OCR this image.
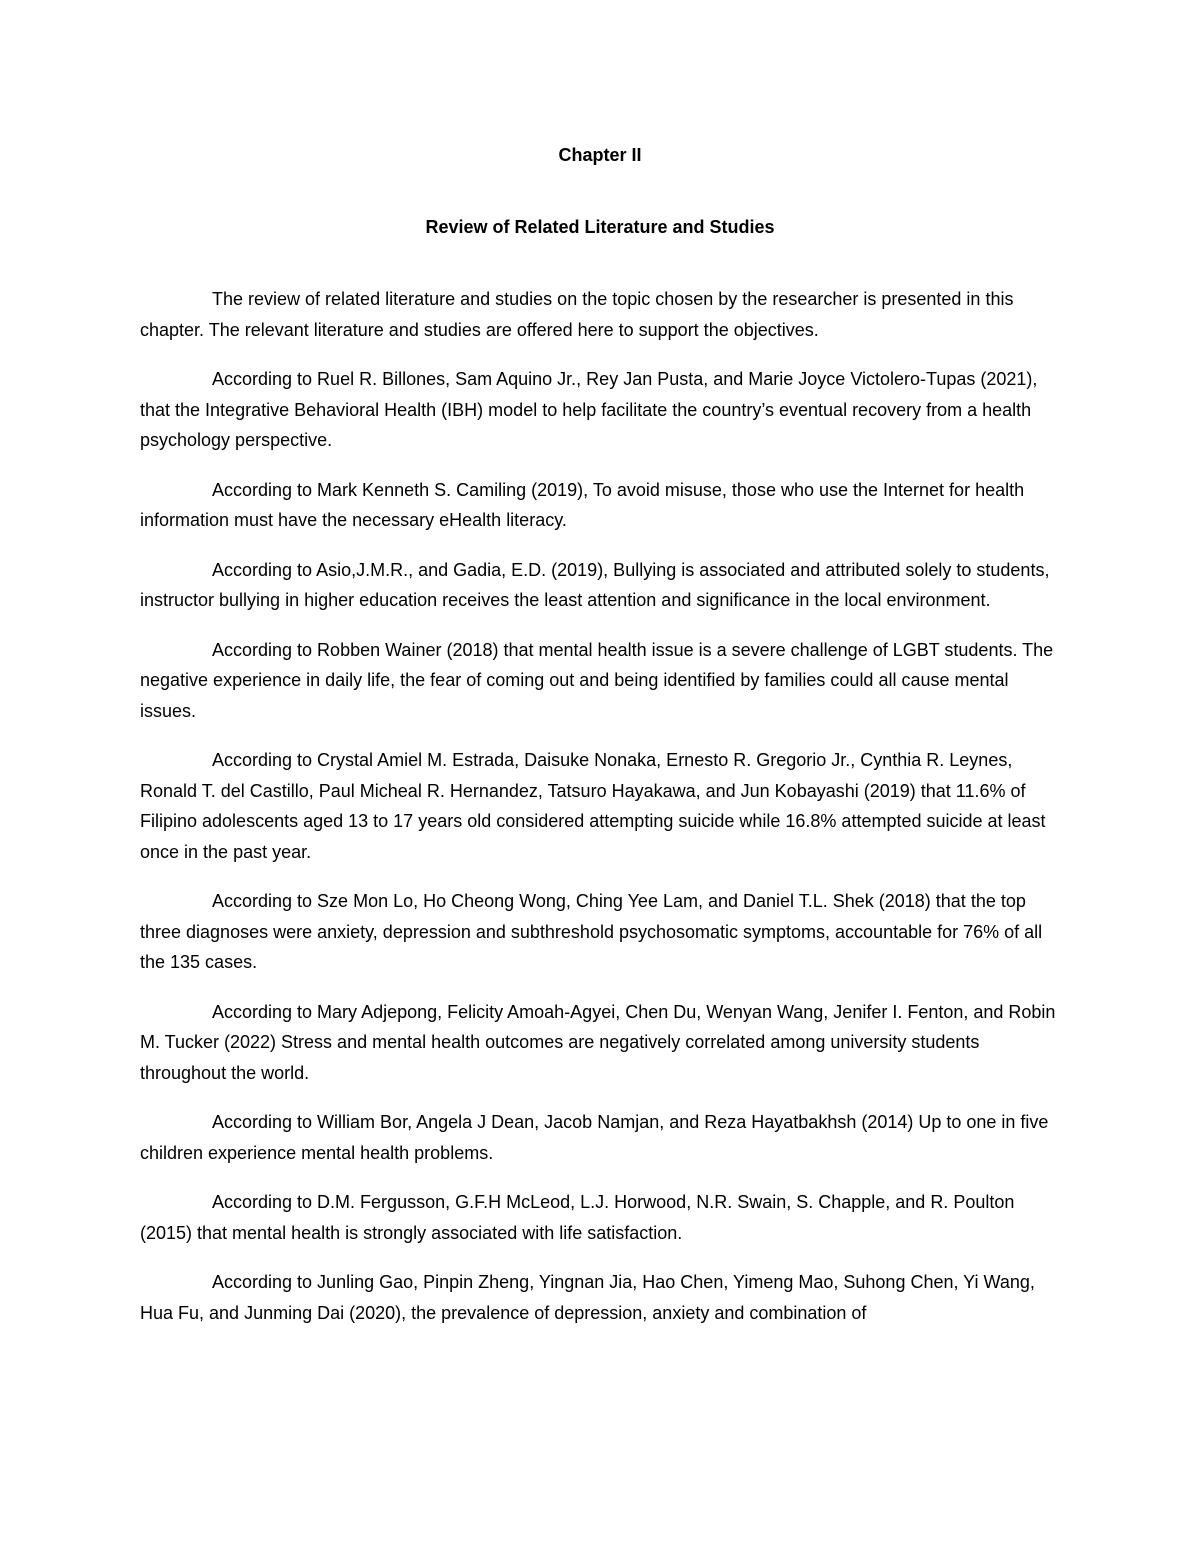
Chapter II
Review of Related Literature and Studies

The review of related literature and studies on the topic chosen by the researcher is presented in this chapter. The relevant literature and studies are offered here to support the objectives.

According to Ruel R. Billones, Sam Aquino Jr., Rey Jan Pusta, and Marie Joyce Victolero-Tupas (2021), that the Integrative Behavioral Health (IBH) model to help facilitate the country’s eventual recovery from a health psychology perspective.

According to Mark Kenneth S. Camiling (2019), To avoid misuse, those who use the Internet for health information must have the necessary eHealth literacy.

According to Asio,J.M.R., and Gadia, E.D. (2019), Bullying is associated and attributed solely to students, instructor bullying in higher education receives the least attention and significance in the local environment.

According to Robben Wainer (2018) that mental health issue is a severe challenge of LGBT students. The negative experience in daily life, the fear of coming out and being identified by families could all cause mental issues.

According to Crystal Amiel M. Estrada, Daisuke Nonaka, Ernesto R. Gregorio Jr., Cynthia R. Leynes, Ronald T. del Castillo, Paul Micheal R. Hernandez, Tatsuro Hayakawa, and Jun Kobayashi (2019) that 11.6% of Filipino adolescents aged 13 to 17 years old considered attempting suicide while 16.8% attempted suicide at least once in the past year.

According to Sze Mon Lo, Ho Cheong Wong, Ching Yee Lam, and Daniel T.L. Shek (2018) that the top three diagnoses were anxiety, depression and subthreshold psychosomatic symptoms, accountable for 76% of all the 135 cases.

According to Mary Adjepong, Felicity Amoah-Agyei, Chen Du, Wenyan Wang, Jenifer I. Fenton, and Robin M. Tucker (2022) Stress and mental health outcomes are negatively correlated among university students throughout the world.

According to William Bor, Angela J Dean, Jacob Namjan, and Reza Hayatbakhsh (2014) Up to one in five children experience mental health problems.

According to D.M. Fergusson, G.F.H McLeod, L.J. Horwood, N.R. Swain, S. Chapple, and R. Poulton (2015) that mental health is strongly associated with life satisfaction.

According to Junling Gao, Pinpin Zheng, Yingnan Jia, Hao Chen, Yimeng Mao, Suhong Chen, Yi Wang, Hua Fu, and Junming Dai (2020), the prevalence of depression, anxiety and combination of
